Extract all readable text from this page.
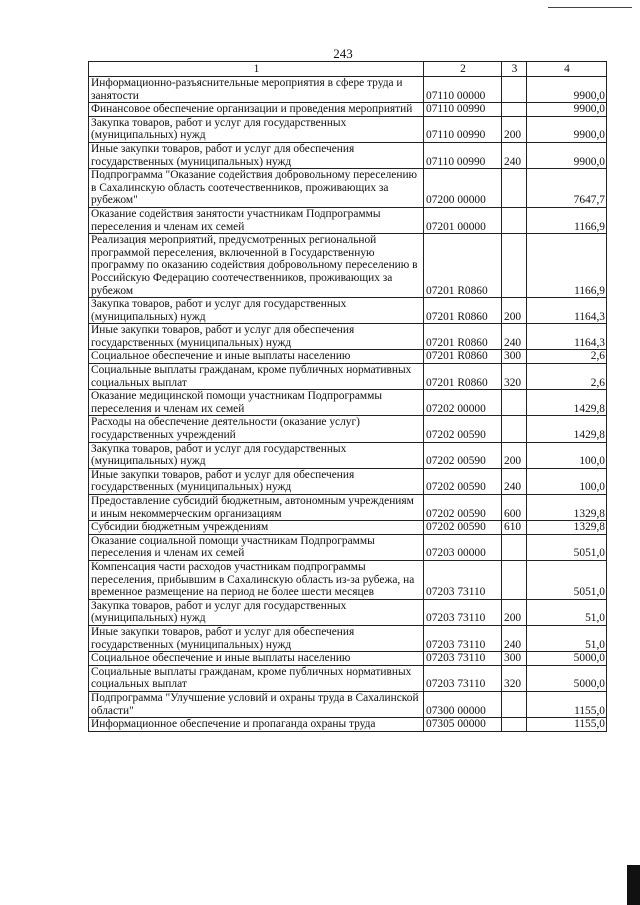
243
1	2	3	4
Информационно-разъяснительные мероприятия в сфере труда и занятости	07110 00000		9900,0
Финансовое обеспечение организации и проведения мероприятий	07110 00990		9900,0
Закупка товаров, работ и услуг для государственных (муниципальных) нужд	07110 00990	200	9900,0
Иные закупки товаров, работ и услуг для обеспечения государственных (муниципальных) нужд	07110 00990	240	9900,0
Подпрограмма "Оказание содействия добровольному переселению в Сахалинскую область соотечественников, проживающих за рубежом"	07200 00000		7647,7
Оказание содействия занятости участникам Подпрограммы переселения и членам их семей	07201 00000		1166,9
Реализация мероприятий, предусмотренных региональной программой переселения, включенной в Государственную программу по оказанию содействия добровольному переселению в Российскую Федерацию соотечественников, проживающих за рубежом	07201 R0860		1166,9
Закупка товаров, работ и услуг для государственных (муниципальных) нужд	07201 R0860	200	1164,3
Иные закупки товаров, работ и услуг для обеспечения государственных (муниципальных) нужд	07201 R0860	240	1164,3
Социальное обеспечение и иные выплаты населению	07201 R0860	300	2,6
Социальные выплаты гражданам, кроме публичных нормативных социальных выплат	07201 R0860	320	2,6
Оказание медицинской помощи участникам Подпрограммы переселения и членам их семей	07202 00000		1429,8
Расходы на обеспечение деятельности (оказание услуг) государственных учреждений	07202 00590		1429,8
Закупка товаров, работ и услуг для государственных (муниципальных) нужд	07202 00590	200	100,0
Иные закупки товаров, работ и услуг для обеспечения государственных (муниципальных) нужд	07202 00590	240	100,0
Предоставление субсидий бюджетным, автономным учреждениям и иным некоммерческим организациям	07202 00590	600	1329,8
Субсидии бюджетным учреждениям	07202 00590	610	1329,8
Оказание социальной помощи участникам Подпрограммы переселения и членам их семей	07203 00000		5051,0
Компенсация части расходов участникам подпрограммы переселения, прибывшим в Сахалинскую область из-за рубежа, на временное размещение на период не более шести месяцев	07203 73110		5051,0
Закупка товаров, работ и услуг для государственных (муниципальных) нужд	07203 73110	200	51,0
Иные закупки товаров, работ и услуг для обеспечения государственных (муниципальных) нужд	07203 73110	240	51,0
Социальное обеспечение и иные выплаты населению	07203 73110	300	5000,0
Социальные выплаты гражданам, кроме публичных нормативных социальных выплат	07203 73110	320	5000,0
Подпрограмма "Улучшение условий и охраны труда в Сахалинской области"	07300 00000		1155,0
Информационное обеспечение и пропаганда охраны труда	07305 00000		1155,0
